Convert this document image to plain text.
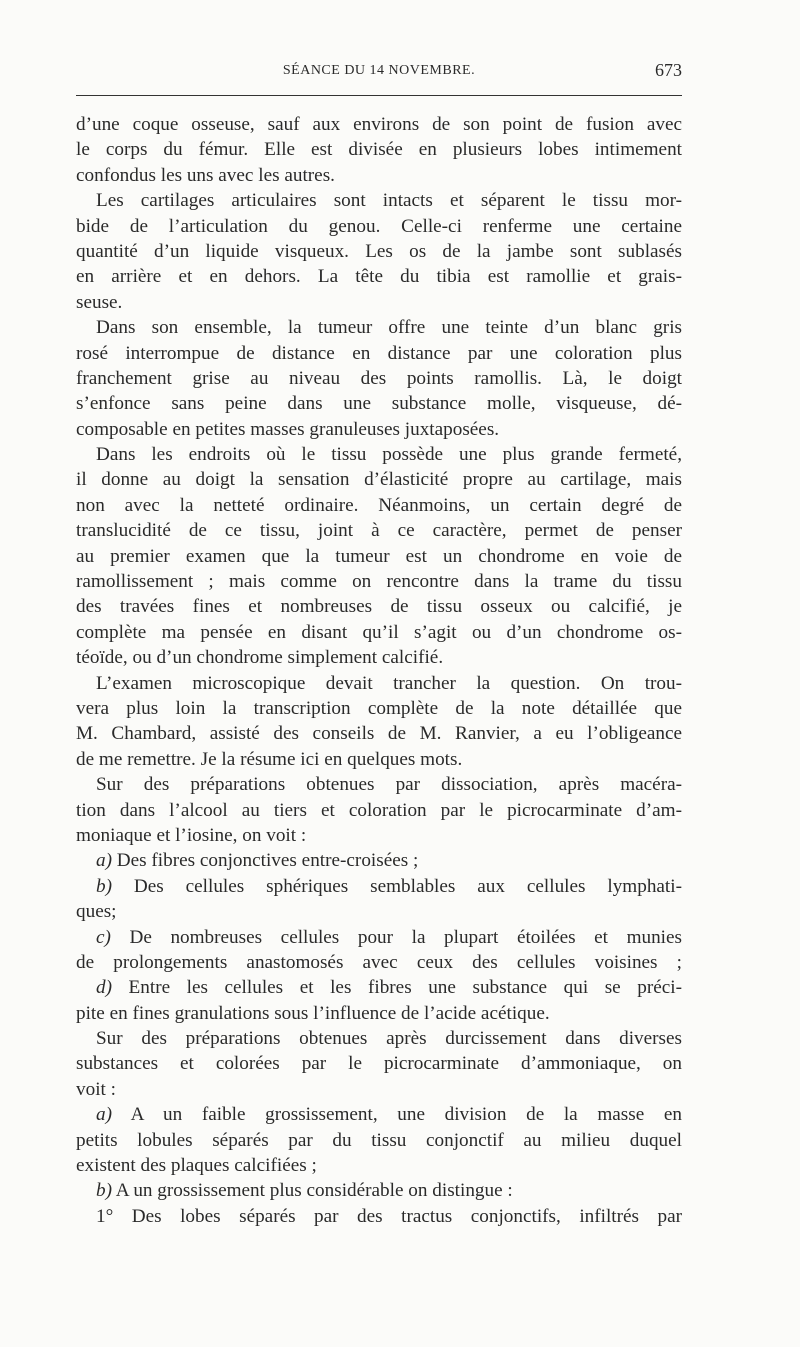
SÉANCE DU 14 NOVEMBRE.	673
d’une coque osseuse, sauf aux environs de son point de fusion avec
le corps du fémur. Elle est divisée en plusieurs lobes intimement
confondus les uns avec les autres.
Les cartilages articulaires sont intacts et séparent le tissu mor-
bide de l’articulation du genou. Celle-ci renferme une certaine
quantité d’un liquide visqueux. Les os de la jambe sont sublasés
en arrière et en dehors. La tête du tibia est ramollie et grais-
seuse.
Dans son ensemble, la tumeur offre une teinte d’un blanc gris
rosé interrompue de distance en distance par une coloration plus
franchement grise au niveau des points ramollis. Là, le doigt
s’enfonce sans peine dans une substance molle, visqueuse, dé-
composable en petites masses granuleuses juxtaposées.
Dans les endroits où le tissu possède une plus grande fermeté,
il donne au doigt la sensation d’élasticité propre au cartilage, mais
non avec la netteté ordinaire. Néanmoins, un certain degré de
translucidité de ce tissu, joint à ce caractère, permet de penser
au premier examen que la tumeur est un chondrome en voie de
ramollissement ; mais comme on rencontre dans la trame du tissu
des travées fines et nombreuses de tissu osseux ou calcifié, je
complète ma pensée en disant qu’il s’agit ou d’un chondrome os-
téoïde, ou d’un chondrome simplement calcifié.
L’examen microscopique devait trancher la question. On trou-
vera plus loin la transcription complète de la note détaillée que
M. Chambard, assisté des conseils de M. Ranvier, a eu l’obligeance
de me remettre. Je la résume ici en quelques mots.
Sur des préparations obtenues par dissociation, après macéra-
tion dans l’alcool au tiers et coloration par le picrocarminate d’am-
moniaque et l’iosine, on voit :
a) Des fibres conjonctives entre-croisées ;
b) Des cellules sphériques semblables aux cellules lymphati-
ques;
c) De nombreuses cellules pour la plupart étoilées et munies
de prolongements anastomosés avec ceux des cellules voisines ;
d) Entre les cellules et les fibres une substance qui se préci-
pite en fines granulations sous l’influence de l’acide acétique.
Sur des préparations obtenues après durcissement dans diverses
substances et colorées par le picrocarminate d’ammoniaque, on
voit :
a) A un faible grossissement, une division de la masse en
petits lobules séparés par du tissu conjonctif au milieu duquel
existent des plaques calcifiées ;
b) A un grossissement plus considérable on distingue :
1° Des lobes séparés par des tractus conjonctifs, infiltrés par
